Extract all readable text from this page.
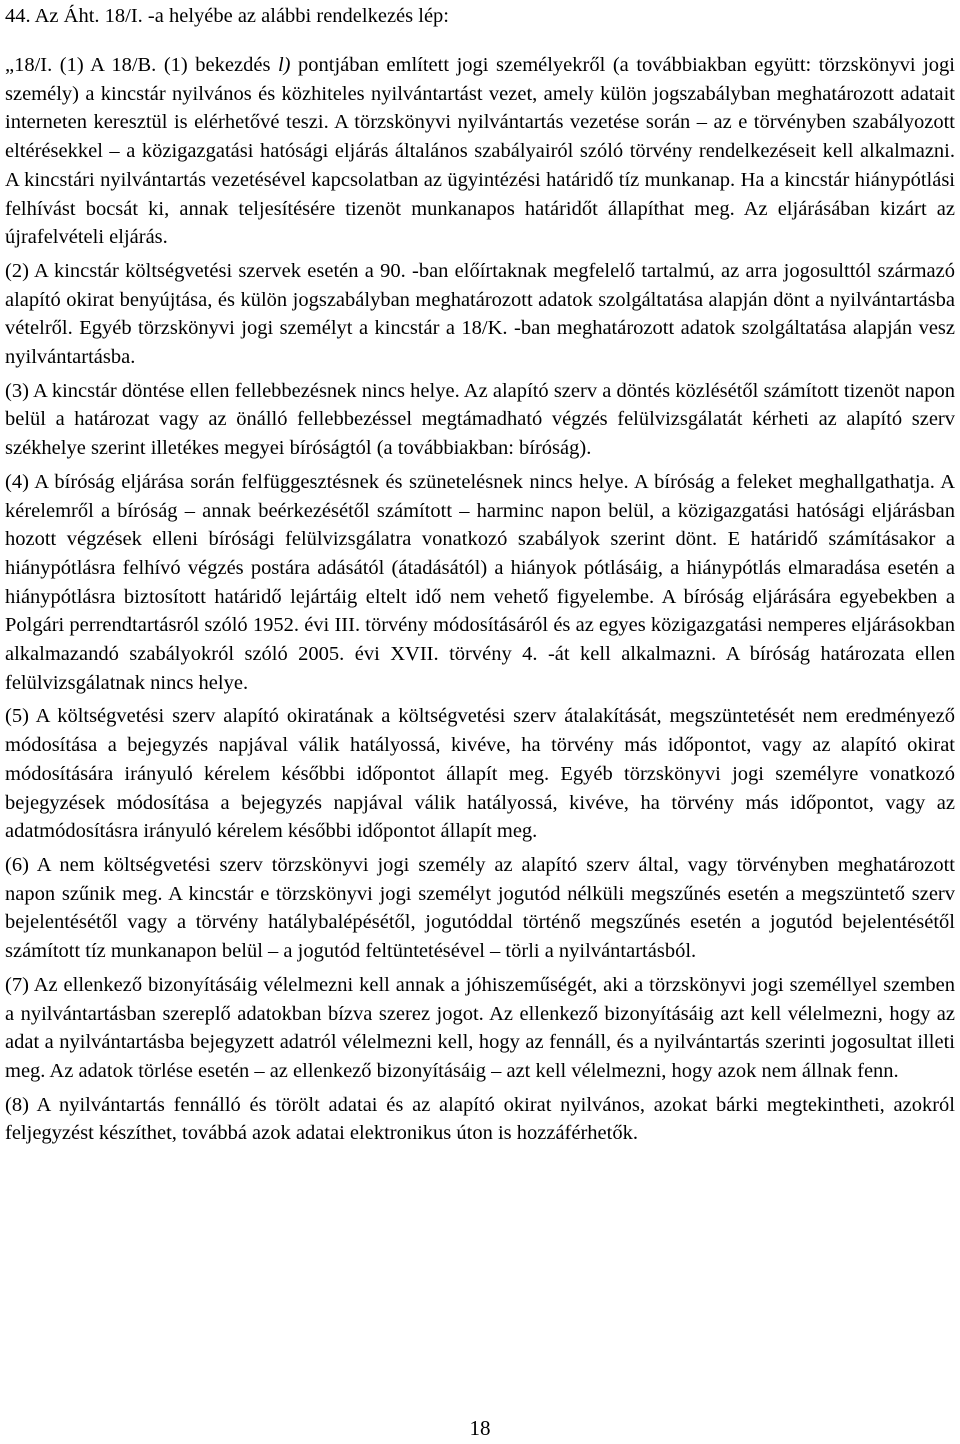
44. Az Áht. 18/I. -a helyébe az alábbi rendelkezés lép:

„18/I. (1) A 18/B. (1) bekezdés l) pontjában említett jogi személyekről (a továbbiakban együtt: törzskönyvi jogi személy) a kincstár nyilvános és közhiteles nyilvántartást vezet, amely külön jogszabályban meghatározott adatait interneten keresztül is elérhetővé teszi. A törzskönyvi nyilvántartás vezetése során – az e törvényben szabályozott eltérésekkel – a közigazgatási hatósági eljárás általános szabályairól szóló törvény rendelkezéseit kell alkalmazni. A kincstári nyilvántartás vezetésével kapcsolatban az ügyintézési határidő tíz munkanap. Ha a kincstár hiánypótlási felhívást bocsát ki, annak teljesítésére tizenöt munkanapos határidőt állapíthat meg. Az eljárásában kizárt az újrafelvételi eljárás.

(2) A kincstár költségvetési szervek esetén a 90. -ban előírtaknak megfelelő tartalmú, az arra jogosulttól származó alapító okirat benyújtása, és külön jogszabályban meghatározott adatok szolgáltatása alapján dönt a nyilvántartásba vételről. Egyéb törzskönyvi jogi személyt a kincstár a 18/K. -ban meghatározott adatok szolgáltatása alapján vesz nyilvántartásba.

(3) A kincstár döntése ellen fellebbezésnek nincs helye. Az alapító szerv a döntés közlésétől számított tizenöt napon belül a határozat vagy az önálló fellebbezéssel megtámadható végzés felülvizsgálatát kérheti az alapító szerv székhelye szerint illetékes megyei bíróságtól (a továbbiakban: bíróság).

(4) A bíróság eljárása során felfüggesztésnek és szünetelésnek nincs helye. A bíróság a feleket meghallgathatja. A kérelemről a bíróság – annak beérkezésétől számított – harminc napon belül, a közigazgatási hatósági eljárásban hozott végzések elleni bírósági felülvizsgálatra vonatkozó szabályok szerint dönt. E határidő számításakor a hiánypótlásra felhívó végzés postára adásától (átadásától) a hiányok pótlásáig, a hiánypótlás elmaradása esetén a hiánypótlásra biztosított határidő lejártáig eltelt idő nem vehető figyelembe. A bíróság eljárására egyebekben a Polgári perrendtartásról szóló 1952. évi III. törvény módosításáról és az egyes közigazgatási nemperes eljárásokban alkalmazandó szabályokról szóló 2005. évi XVII. törvény 4. -át kell alkalmazni. A bíróság határozata ellen felülvizsgálatnak nincs helye.

(5) A költségvetési szerv alapító okiratának a költségvetési szerv átalakítását, megszüntetését nem eredményező módosítása a bejegyzés napjával válik hatályossá, kivéve, ha törvény más időpontot, vagy az alapító okirat módosítására irányuló kérelem későbbi időpontot állapít meg. Egyéb törzskönyvi jogi személyre vonatkozó bejegyzések módosítása a bejegyzés napjával válik hatályossá, kivéve, ha törvény más időpontot, vagy az adatmódosításra irányuló kérelem későbbi időpontot állapít meg.

(6) A nem költségvetési szerv törzskönyvi jogi személy az alapító szerv által, vagy törvényben meghatározott napon szűnik meg. A kincstár e törzskönyvi jogi személyt jogutód nélküli megszűnés esetén a megszüntető szerv bejelentésétől vagy a törvény hatálybalépésétől, jogutóddal történő megszűnés esetén a jogutód bejelentésétől számított tíz munkanapon belül – a jogutód feltüntetésével – törli a nyilvántartásból.

(7) Az ellenkező bizonyításáig vélelmezni kell annak a jóhiszeműségét, aki a törzskönyvi jogi személlyel szemben a nyilvántartásban szereplő adatokban bízva szerez jogot. Az ellenkező bizonyításáig azt kell vélelmezni, hogy az adat a nyilvántartásba bejegyzett adatról vélelmezni kell, hogy az fennáll, és a nyilvántartás szerinti jogosultat illeti meg. Az adatok törlése esetén – az ellenkező bizonyításáig – azt kell vélelmezni, hogy azok nem állnak fenn.

(8) A nyilvántartás fennálló és törölt adatai és az alapító okirat nyilvános, azokat bárki megtekintheti, azokról feljegyzést készíthet, továbbá azok adatai elektronikus úton is hozzáférhetők.

18
